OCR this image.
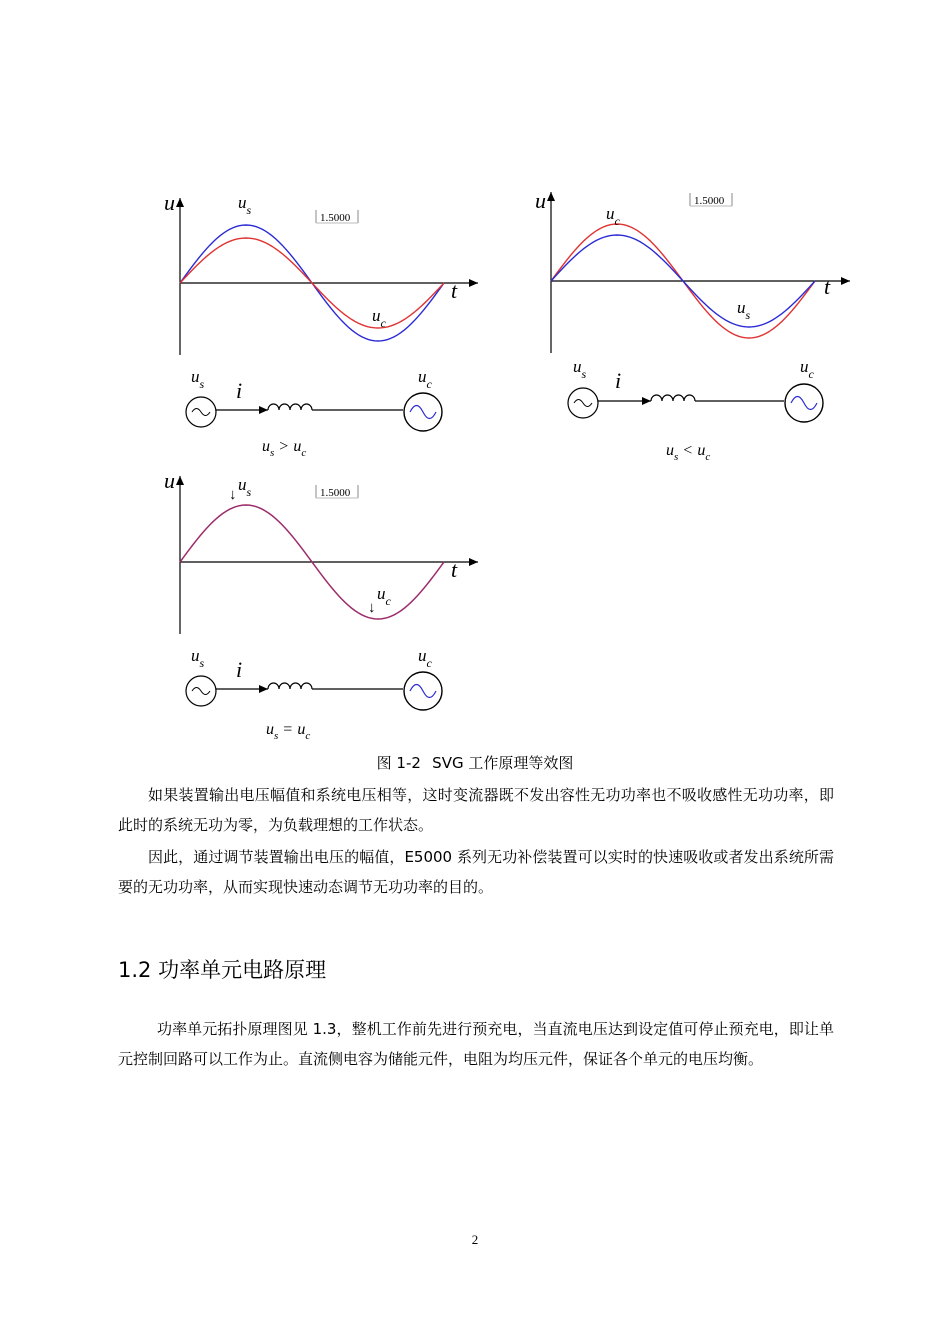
u
t
$u_s$
$u_c$
1.5000
$u_s$ i
$u_c$
$u_s > u_c$
u
t
$u_c$
$u_s$
1.5000
$u_s$ i
$u_c$
$u_s < u_c$
u
t
↓
$u_s$
↓
$u_c$
1.5000
$u_s$ i
$u_c$
$u_s = u_c$
图 1-2 SVG 工作原理等效图
如果装置输出电压幅值和系统电压相等，这时变流器既不发出容性无功功率也不吸收感性无功功率，即此时的系统无功为零，为负载理想的工作状态。
因此，通过调节装置输出电压的幅值，E5000 系列无功补偿装置可以实时的快速吸收或者发出系统所需要的无功功率，从而实现快速动态调节无功功率的目的。
1.2 功率单元电路原理
功率单元拓扑原理图见 1.3，整机工作前先进行预充电，当直流电压达到设定值可停止预充电，即让单元控制回路可以工作为止。直流侧电容为储能元件，电阻为均压元件，保证各个单元的电压均衡。
2
